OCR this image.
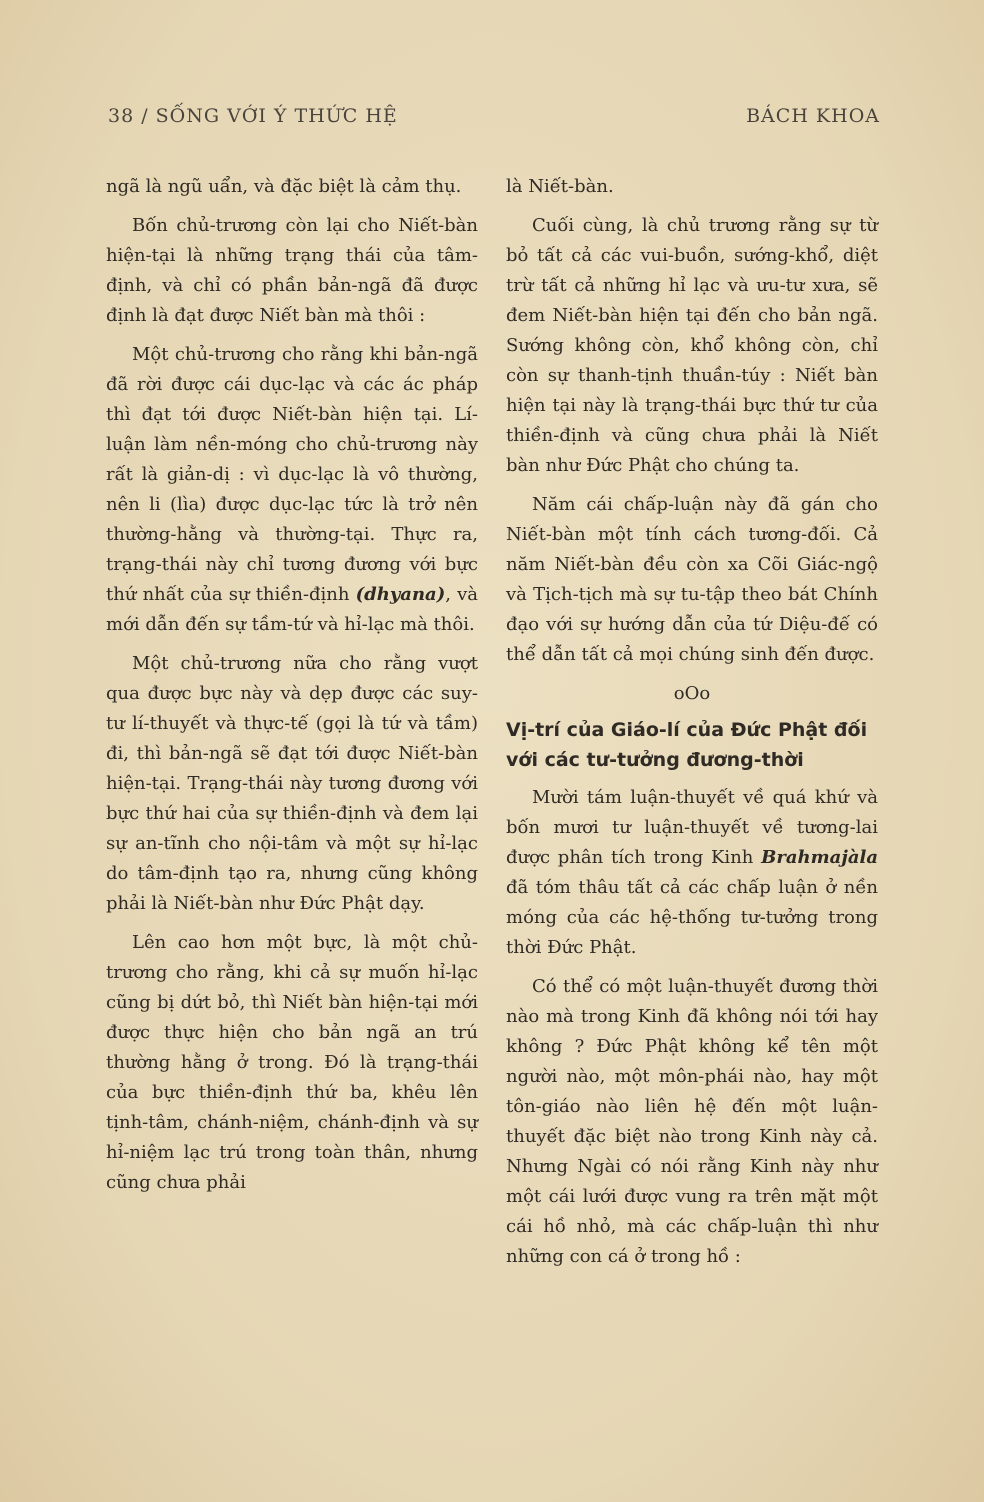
38 / SỐNG VỚI Ý THỨC HỆ	BÁCH KHOA

ngã là ngũ uẩn, và đặc biệt là cảm thụ.

Bốn chủ-trương còn lại cho Niết-bàn hiện-tại là những trạng thái của tâm-định, và chỉ có phần bản-ngã đã được định là đạt được Niết bàn mà thôi :

Một chủ-trương cho rằng khi bản-ngã đã rời được cái dục-lạc và các ác pháp thì đạt tới được Niết-bàn hiện tại. Lí-luận làm nền-móng cho chủ-trương này rất là giản-dị : vì dục-lạc là vô thường, nên li (lìa) được dục-lạc tức là trở nên thường-hằng và thường-tại. Thực ra, trạng-thái này chỉ tương đương với bực thứ nhất của sự thiền-định (dhyana), và mới dẫn đến sự tầm-tứ và hỉ-lạc mà thôi.

Một chủ-trương nữa cho rằng vượt qua được bực này và dẹp được các suy-tư lí-thuyết và thực-tế (gọi là tứ và tầm) đi, thì bản-ngã sẽ đạt tới được Niết-bàn hiện-tại. Trạng-thái này tương đương với bực thứ hai của sự thiền-định và đem lại sự an-tĩnh cho nội-tâm và một sự hỉ-lạc do tâm-định tạo ra, nhưng cũng không phải là Niết-bàn như Đức Phật dạy.

Lên cao hơn một bực, là một chủ-trương cho rằng, khi cả sự muốn hỉ-lạc cũng bị dứt bỏ, thì Niết bàn hiện-tại mới được thực hiện cho bản ngã an trú thường hằng ở trong. Đó là trạng-thái của bực thiền-định thứ ba, khêu lên tịnh-tâm, chánh-niệm, chánh-định và sự hỉ-niệm lạc trú trong toàn thân, nhưng cũng chưa phải

là Niết-bàn.

Cuối cùng, là chủ trương rằng sự từ bỏ tất cả các vui-buồn, sướng-khổ, diệt trừ tất cả những hỉ lạc và ưu-tư xưa, sẽ đem Niết-bàn hiện tại đến cho bản ngã. Sướng không còn, khổ không còn, chỉ còn sự thanh-tịnh thuần-túy : Niết bàn hiện tại này là trạng-thái bực thứ tư của thiền-định và cũng chưa phải là Niết bàn như Đức Phật cho chúng ta.

Năm cái chấp-luận này đã gán cho Niết-bàn một tính cách tương-đối. Cả năm Niết-bàn đều còn xa Cõi Giác-ngộ và Tịch-tịch mà sự tu-tập theo bát Chính đạo với sự hướng dẫn của tứ Diệu-đế có thể dẫn tất cả mọi chúng sinh đến được.

oOo
Vị-trí của Giáo-lí của Đức Phật đối với các tư-tưởng đương-thời

Mười tám luận-thuyết về quá khứ và bốn mươi tư luận-thuyết về tương-lai được phân tích trong Kinh Brahmajàla đã tóm thâu tất cả các chấp luận ở nền móng của các hệ-thống tư-tưởng trong thời Đức Phật.

Có thể có một luận-thuyết đương thời nào mà trong Kinh đã không nói tới hay không ? Đức Phật không kể tên một người nào, một môn-phái nào, hay một tôn-giáo nào liên hệ đến một luận-thuyết đặc biệt nào trong Kinh này cả. Nhưng Ngài có nói rằng Kinh này như một cái lưới được vung ra trên mặt một cái hồ nhỏ, mà các chấp-luận thì như những con cá ở trong hồ :
